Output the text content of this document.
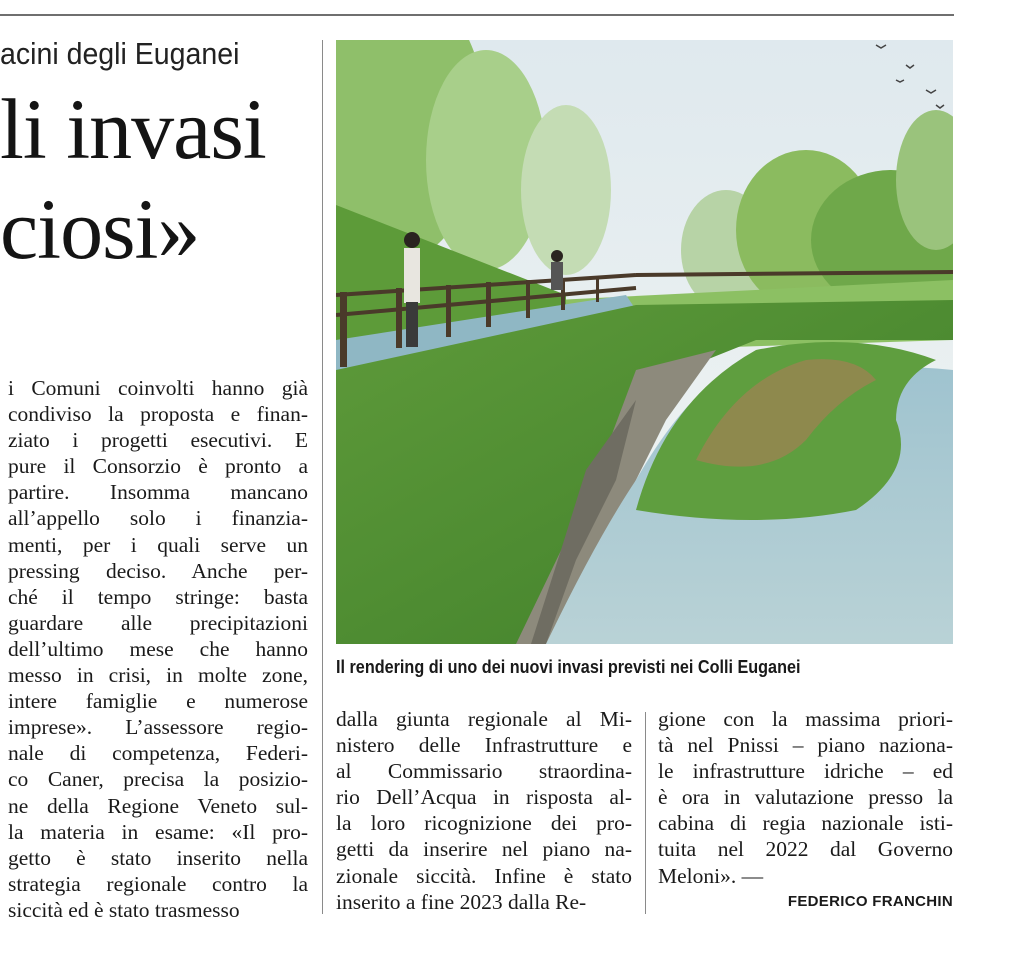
acini degli Euganei
li invasi
ciosi»
Il rendering di uno dei nuovi invasi previsti nei Colli Euganei
i Comuni coinvolti hanno già
condiviso la proposta e finan-
ziato i progetti esecutivi. E
pure il Consorzio è pronto a
partire. Insomma mancano
all’appello solo i finanzia-
menti, per i quali serve un
pressing deciso. Anche per-
ché il tempo stringe: basta
guardare alle precipitazioni
dell’ultimo mese che hanno
messo in crisi, in molte zone,
intere famiglie e numerose
imprese». L’assessore regio-
nale di competenza, Federi-
co Caner, precisa la posizio-
ne della Regione Veneto sul-
la materia in esame: «Il pro-
getto è stato inserito nella
strategia regionale contro la
siccità ed è stato trasmesso
dalla giunta regionale al Mi-
nistero delle Infrastrutture e
al Commissario straordina-
rio Dell’Acqua in risposta al-
la loro ricognizione dei pro-
getti da inserire nel piano na-
zionale siccità. Infine è stato
inserito a fine 2023 dalla Re-
gione con la massima priori-
tà nel Pnissi – piano naziona-
le infrastrutture idriche – ed
è ora in valutazione presso la
cabina di regia nazionale isti-
tuita nel 2022 dal Governo
Meloni». —
FEDERICO FRANCHIN
